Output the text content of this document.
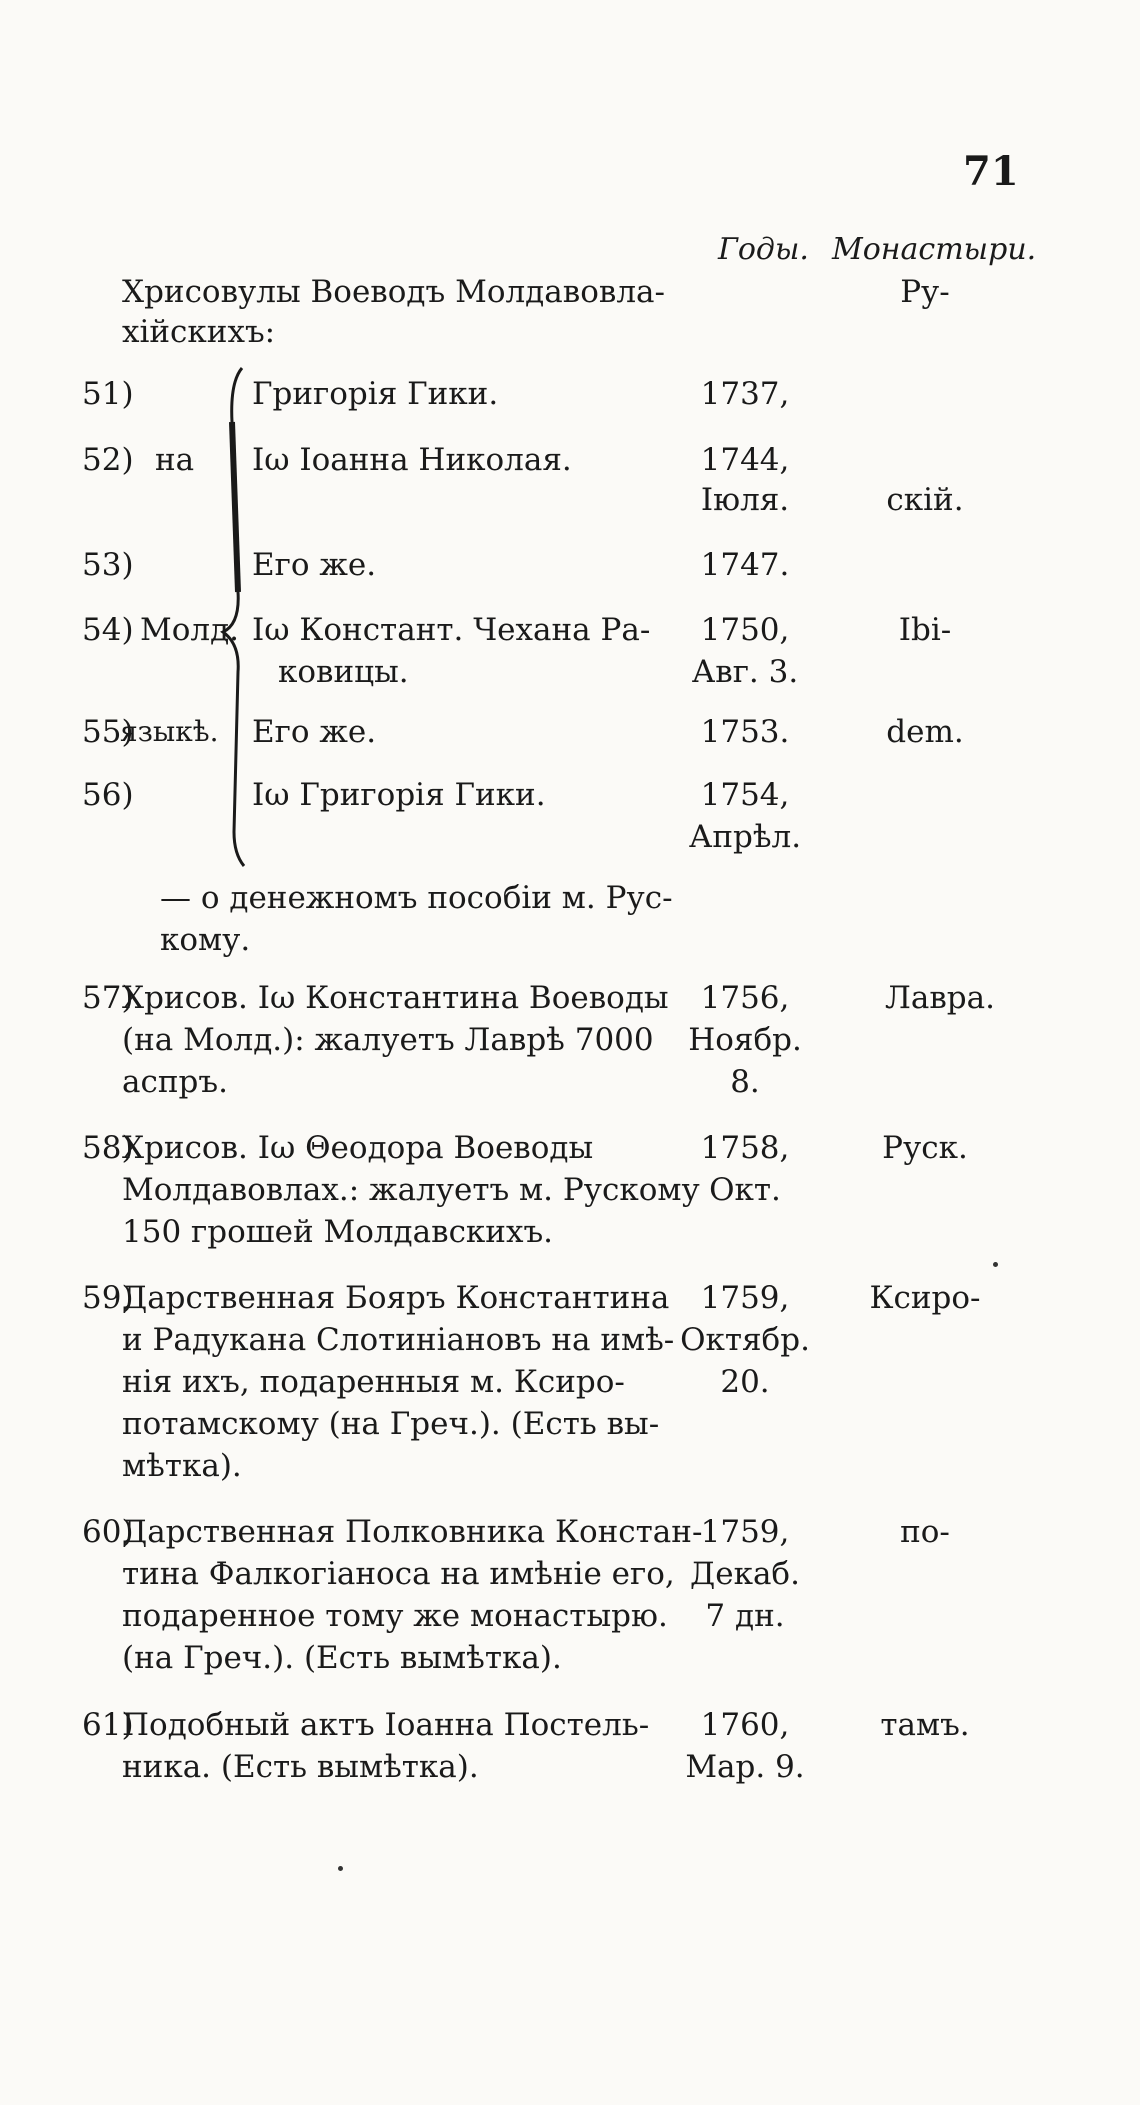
71
Годы. Монастыри.
Хрисовулы Воеводъ Молдавовла-
хійскихъ:
Ру-
51)
52)
53)
54)
55)
56)
на
Молд.
языкѣ.
Григорія Гики.
Іω Іоанна Николая.
Его же.
Іω Констант. Чехана Ра-
ковицы.
Его же.
Іω Григорія Гики.
1737,
1744,
Іюля.
1747.
1750,
Авг. 3.
1753.
1754,
Апрѣл.
скій.
Ibi-
dem.
— о денежномъ пособіи м. Рус-
кому.
57)
Хрисов. Іω Константина Воеводы
(на Молд.): жалуетъ Лаврѣ 7000
аспръ.
1756,
Ноябр.
8.
Лавра.
58)
Хрисов. Іω Θеодора Воеводы
Молдавовлах.: жалуетъ м. Рускому
150 грошей Молдавскихъ.
1758,
Окт.
Руск.
59)
Дарственная Бояръ Константина
и Радукана Слотиніановъ на имѣ-
нія ихъ, подаренныя м. Ксиро-
потамскому (на Греч.). (Есть вы-
мѣтка).
1759,
Октябр.
20.
Ксиро-
60)
Дарственная Полковника Констан-
тина Фалкогіаноса на имѣніе его,
подаренное тому же монастырю.
(на Греч.). (Есть вымѣтка).
1759,
Декаб.
7 дн.
по-
61)
Подобный актъ Іоанна Постель-
ника. (Есть вымѣтка).
1760,
Мар. 9.
тамъ.
